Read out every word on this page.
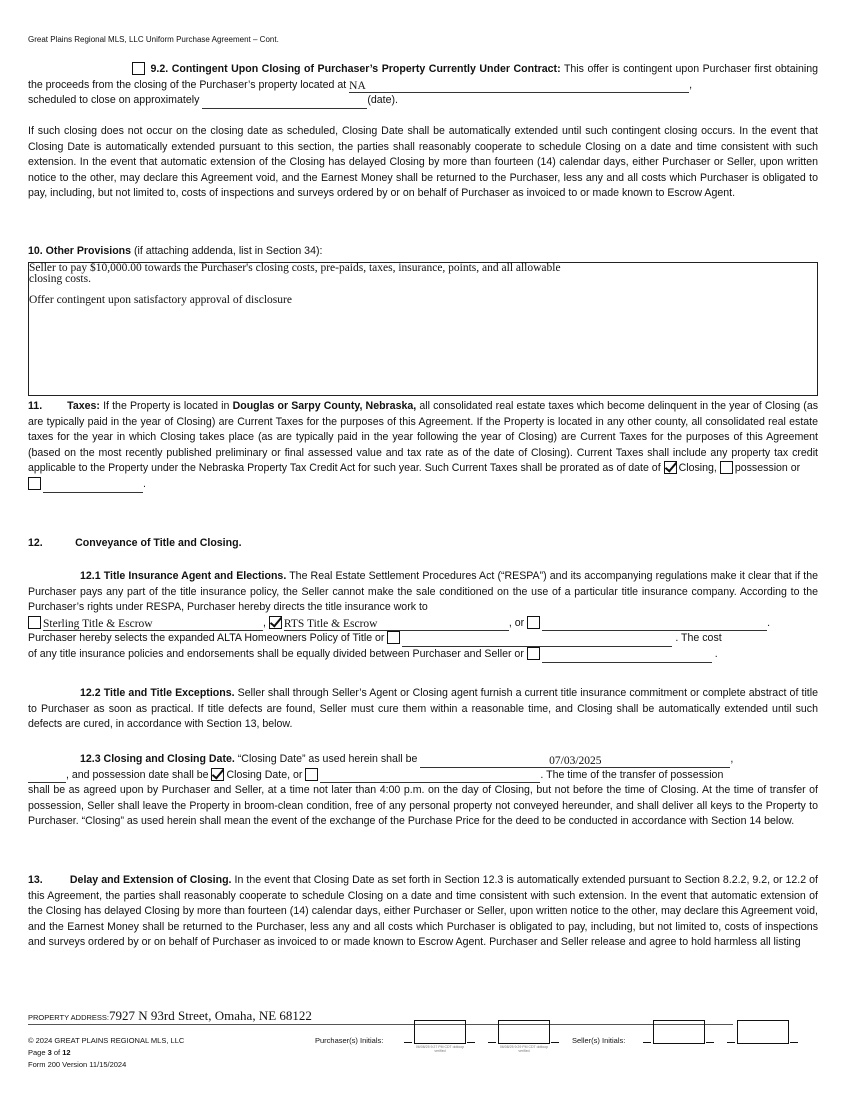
Great Plains Regional MLS, LLC Uniform Purchase Agreement – Cont.
9.2. Contingent Upon Closing of Purchaser’s Property Currently Under Contract: This offer is contingent upon Purchaser first obtaining the proceeds from the closing of the Purchaser’s property located at NA	,
scheduled to close on approximately	(date).
If such closing does not occur on the closing date as scheduled, Closing Date shall be automatically extended until such contingent closing occurs. In the event that Closing Date is automatically extended pursuant to this section, the parties shall reasonably cooperate to schedule Closing on a date and time consistent with such extension. In the event that automatic extension of the Closing has delayed Closing by more than fourteen (14) calendar days, either Purchaser or Seller, upon written notice to the other, may declare this Agreement void, and the Earnest Money shall be returned to the Purchaser, less any and all costs which Purchaser is obligated to pay, including, but not limited to, costs of inspections and surveys ordered by or on behalf of Purchaser as invoiced to or made known to Escrow Agent.
10. Other Provisions (if attaching addenda, list in Section 34):
Seller to pay $10,000.00 towards the Purchaser's closing costs, pre-paids, taxes, insurance, points, and all allowable
closing costs.
Offer contingent upon satisfactory approval of disclosure
11. Taxes: If the Property is located in Douglas or Sarpy County, Nebraska, all consolidated real estate taxes which become delinquent in the year of Closing (as are typically paid in the year of Closing) are Current Taxes for the purposes of this Agreement. If the Property is located in any other county, all consolidated real estate taxes for the year in which Closing takes place (as are typically paid in the year following the year of Closing) are Current Taxes for the purposes of this Agreement (based on the most recently published preliminary or final assessed value and tax rate as of the date of Closing). Current Taxes shall include any property tax credit applicable to the Property under the Nebraska Property Tax Credit Act for such year. Such Current Taxes shall be prorated as of date of Closing, possession or
.
12.	Conveyance of Title and Closing.
12.1 Title Insurance Agent and Elections. The Real Estate Settlement Procedures Act (“RESPA”) and its accompanying regulations make it clear that if the Purchaser pays any part of the title insurance policy, the Seller cannot make the sale conditioned on the use of a particular title insurance company. According to the Purchaser’s rights under RESPA, Purchaser hereby directs the title insurance work to
Sterling Title & Escrow	, RTS Title & Escrow	, or	.
Purchaser hereby selects the expanded ALTA Homeowners Policy of Title or	. The cost
of any title insurance policies and endorsements shall be equally divided between Purchaser and Seller or	.
12.2 Title and Title Exceptions. Seller shall through Seller’s Agent or Closing agent furnish a current title insurance commitment or complete abstract of title to Purchaser as soon as practical. If title defects are found, Seller must cure them within a reasonable time, and Closing shall be automatically extended until such defects are cured, in accordance with Section 13, below.
12.3 Closing and Closing Date. “Closing Date” as used herein shall be	07/03/2025	,
, and possession date shall be Closing Date, or	. The time of the transfer of possession
shall be as agreed upon by Purchaser and Seller, at a time not later than 4:00 p.m. on the day of Closing, but not before the time of Closing. At the time of transfer of possession, Seller shall leave the Property in broom-clean condition, free of any personal property not conveyed hereunder, and shall deliver all keys to the Property to Purchaser. “Closing” as used herein shall mean the event of the exchange of the Purchase Price for the deed to be conducted in accordance with Section 14 below.
13.	Delay and Extension of Closing. In the event that Closing Date as set forth in Section 12.3 is automatically extended pursuant to Section 8.2.2, 9.2, or 12.2 of this Agreement, the parties shall reasonably cooperate to schedule Closing on a date and time consistent with such extension. In the event that automatic extension of the Closing has delayed Closing by more than fourteen (14) calendar days, either Purchaser or Seller, upon written notice to the other, may declare this Agreement void, and the Earnest Money shall be returned to the Purchaser, less any and all costs which Purchaser is obligated to pay, including, but not limited to, costs of inspections and surveys ordered by or on behalf of Purchaser as invoiced to or made known to Escrow Agent. Purchaser and Seller release and agree to hold harmless all listing
PROPERTY ADDRESS:7927 N 93rd Street, Omaha, NE 68122
© 2024 GREAT PLAINS REGIONAL MLS, LLC
Page 3 of 12
Form 200 Version 11/15/2024
Purchaser(s) Initials:
06/08/25 9:27 PM CDT dotloop verified
06/08/25 9:29 PM CDT dotloop verified
Seller(s) Initials:
